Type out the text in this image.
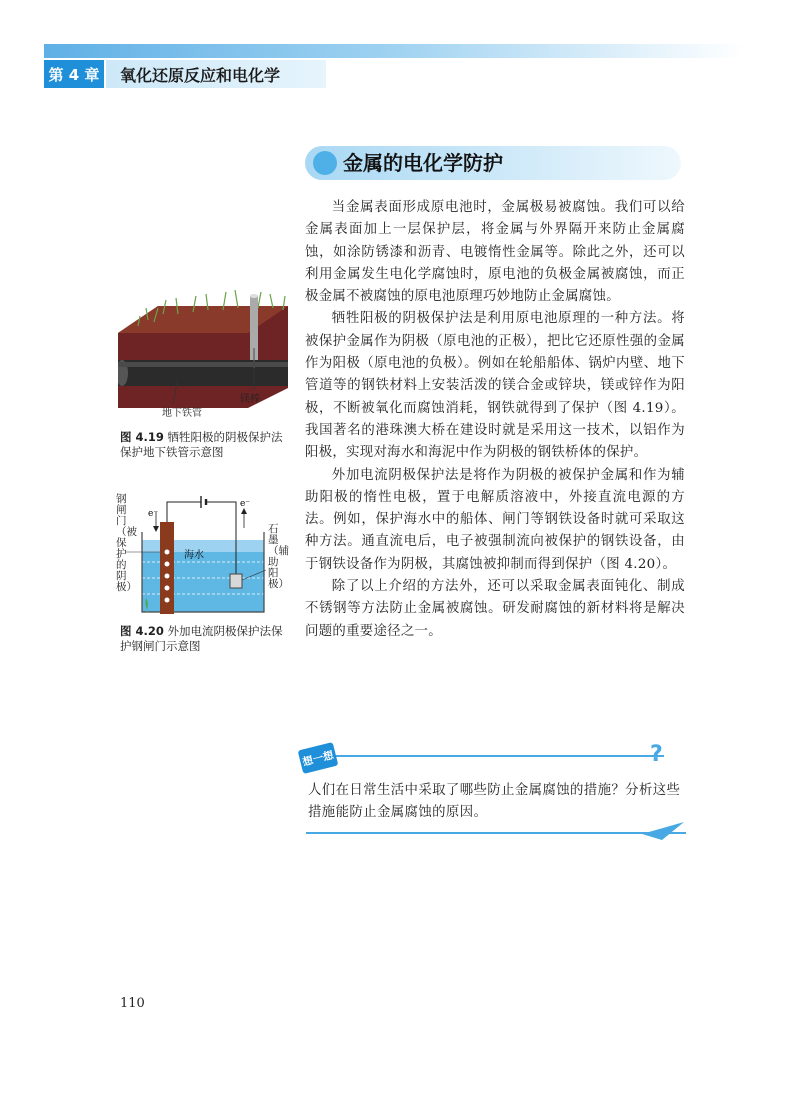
第 4 章	氧化还原反应和电化学
金属的电化学防护

当金属表面形成原电池时，金属极易被腐蚀。我们可以给金属表面加上一层保护层，将金属与外界隔开来防止金属腐蚀，如涂防锈漆和沥青、电镀惰性金属等。除此之外，还可以利用金属发生电化学腐蚀时，原电池的负极金属被腐蚀，而正极金属不被腐蚀的原电池原理巧妙地防止金属腐蚀。

牺牲阳极的阴极保护法是利用原电池原理的一种方法。将被保护金属作为阴极（原电池的正极），把比它还原性强的金属作为阳极（原电池的负极）。例如在轮船船体、锅炉内壁、地下管道等的钢铁材料上安装活泼的镁合金或锌块，镁或锌作为阳极，不断被氧化而腐蚀消耗，钢铁就得到了保护（图 4.19）。我国著名的港珠澳大桥在建设时就是采用这一技术，以铝作为阳极，实现对海水和海泥中作为阴极的钢铁桥体的保护。

外加电流阴极保护法是将作为阴极的被保护金属和作为辅助阳极的惰性电极，置于电解质溶液中，外接直流电源的方法。例如，保护海水中的船体、闸门等钢铁设备时就可采取这种方法。通直流电后，电子被强制流向被保护的钢铁设备，由于钢铁设备作为阴极，其腐蚀被抑制而得到保护（图 4.20）。

除了以上介绍的方法外，还可以采取金属表面钝化、制成不锈钢等方法防止金属被腐蚀。研发耐腐蚀的新材料将是解决问题的重要途径之一。

地下铁管
镁棒
图 4.19 牺牲阳极的阴极保护法保护地下铁管示意图
钢闸门（被保护的阴极）
石墨（辅助阳极）
e⁻
e⁻
海水
图 4.20 外加电流阴极保护法保护钢闸门示意图
想一想	?
人们在日常生活中采取了哪些防止金属腐蚀的措施？分析这些措施能防止金属腐蚀的原因。
110
